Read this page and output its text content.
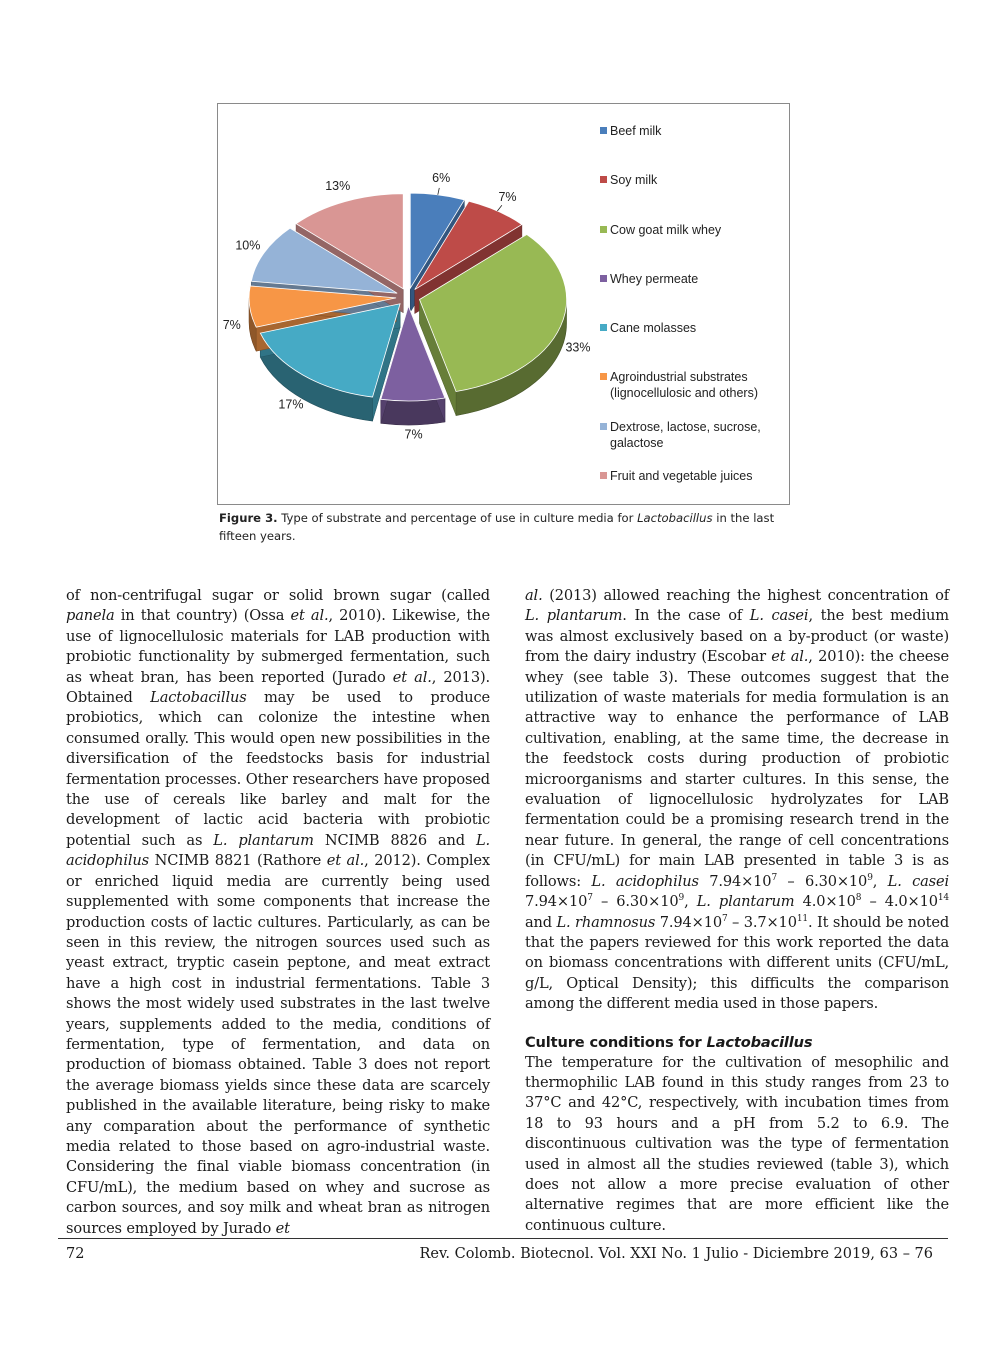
6%
7%
33%
7%
17%
7%
10%
13%
Beef milk
Soy milk
Cow goat milk whey
Whey permeate
Cane molasses
Agroindustrial substrates
(lignocellulosic and others)
Dextrose, lactose, sucrose,
galactose
Fruit and vegetable juices
Figure 3. Type of substrate and percentage of use in culture media for Lactobacillus in the last fifteen years.

of non-centrifugal sugar or solid brown sugar (called panela in that country) (Ossa et al., 2010). Likewise, the use of lignocellulosic materials for LAB production with probiotic functionality by submerged fermentation, such as wheat bran, has been reported (Jurado et al., 2013). Obtained Lactobacillus may be used to produce probiotics, which can colonize the intestine when consumed orally. This would open new possibilities in the diversification of the feedstocks basis for industrial fermentation processes. Other researchers have proposed the use of cereals like barley and malt for the development of lactic acid bacteria with probiotic potential such as L. plantarum NCIMB 8826 and L. acidophilus NCIMB 8821 (Rathore et al., 2012). Complex or enriched liquid media are currently being used supplemented with some components that increase the production costs of lactic cultures. Particularly, as can be seen in this review, the nitrogen sources used such as yeast extract, tryptic casein peptone, and meat extract have a high cost in industrial fermentations. Table 3 shows the most widely used substrates in the last twelve years, supplements added to the media, conditions of fermentation, type of fermentation, and data on production of biomass obtained. Table 3 does not report the average biomass yields since these data are scarcely published in the available literature, being risky to make any comparation about the performance of synthetic media related to those based on agro-industrial waste. Considering the final viable biomass concentration (in CFU/mL), the medium based on whey and sucrose as carbon sources, and soy milk and wheat bran as nitrogen sources employed by Jurado et

al. (2013) allowed reaching the highest concentration of L. plantarum. In the case of L. casei, the best medium was almost exclusively based on a by-product (or waste) from the dairy industry (Escobar et al., 2010): the cheese whey (see table 3). These outcomes suggest that the utilization of waste materials for media formulation is an attractive way to enhance the performance of LAB cultivation, enabling, at the same time, the decrease in the feedstock costs during production of probiotic microorganisms and starter cultures. In this sense, the evaluation of lignocellulosic hydrolyzates for LAB fermentation could be a promising research trend in the near future. In general, the range of cell concentrations (in CFU/mL) for main LAB presented in table 3 is as follows: L. acidophilus $7.94\times 10^7 - 6.30\times 10^9$, L. casei $7.94\times 10^7 - 6.30\times 10^9$, L. plantarum $4.0\times 10^8 - 4.0\times 10^{14}$ and L. rhamnosus $7.94\times 10^7 - 3.7\times 10^{11}$. It should be noted that the papers reviewed for this work reported the data on biomass concentrations with different units (CFU/mL, g/L, Optical Density); this difficults the comparison among the different media used in those papers.

Culture conditions for Lactobacillus

The temperature for the cultivation of mesophilic and thermophilic LAB found in this study ranges from 23 to 37°C and 42°C, respectively, with incubation times from 18 to 93 hours and a pH from 5.2 to 6.9. The discontinuous cultivation was the type of fermentation used in almost all the studies reviewed (table 3), which does not allow a more precise evaluation of other alternative regimes that are more efficient like the continuous culture.

72	Rev. Colomb. Biotecnol. Vol. XXI No. 1 Julio - Diciembre 2019, 63 – 76
